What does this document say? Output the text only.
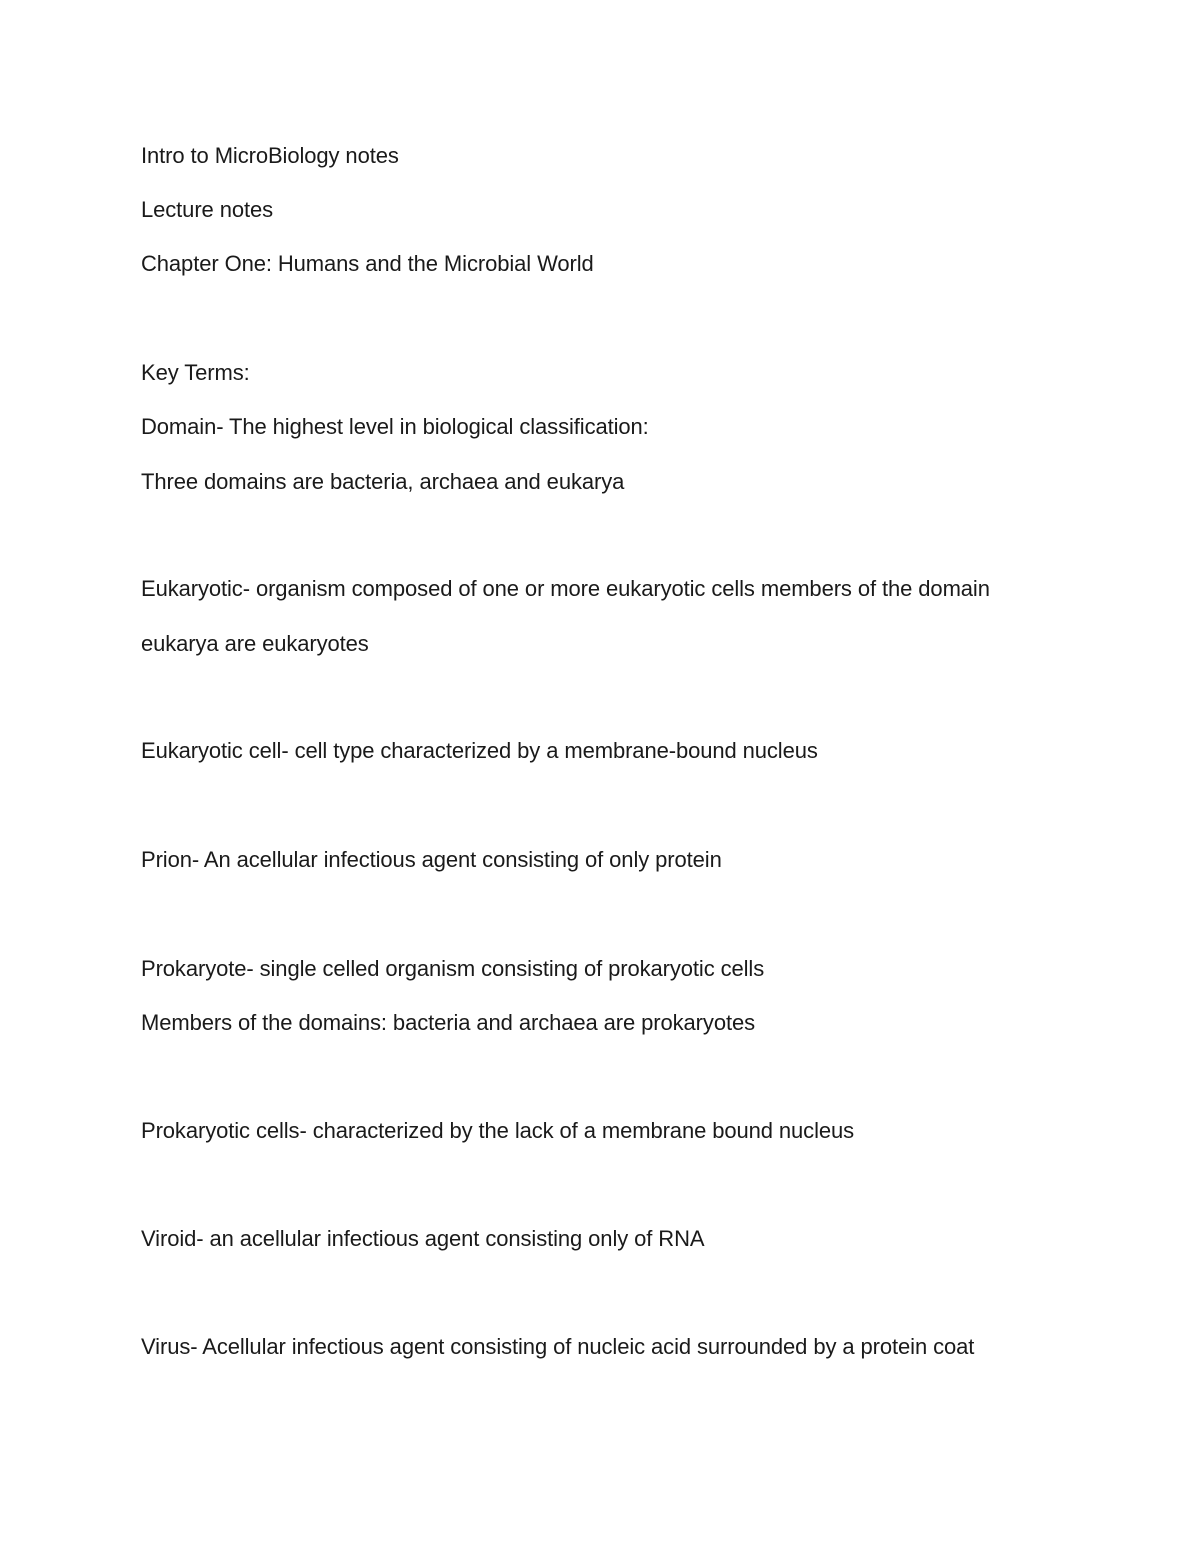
Intro to MicroBiology notes
Lecture notes
Chapter One: Humans and the Microbial World
Key Terms:
Domain- The highest level in biological classification:
Three domains are bacteria, archaea and eukarya
Eukaryotic- organism composed of one or more eukaryotic cells members of the domain
eukarya are eukaryotes
Eukaryotic cell- cell type characterized by a membrane-bound nucleus
Prion- An acellular infectious agent consisting of only protein
Prokaryote- single celled organism consisting of prokaryotic cells
Members of the domains: bacteria and archaea are prokaryotes
Prokaryotic cells- characterized by the lack of a membrane bound nucleus
Viroid- an acellular infectious agent consisting only of RNA
Virus- Acellular infectious agent consisting of nucleic acid surrounded by a protein coat
